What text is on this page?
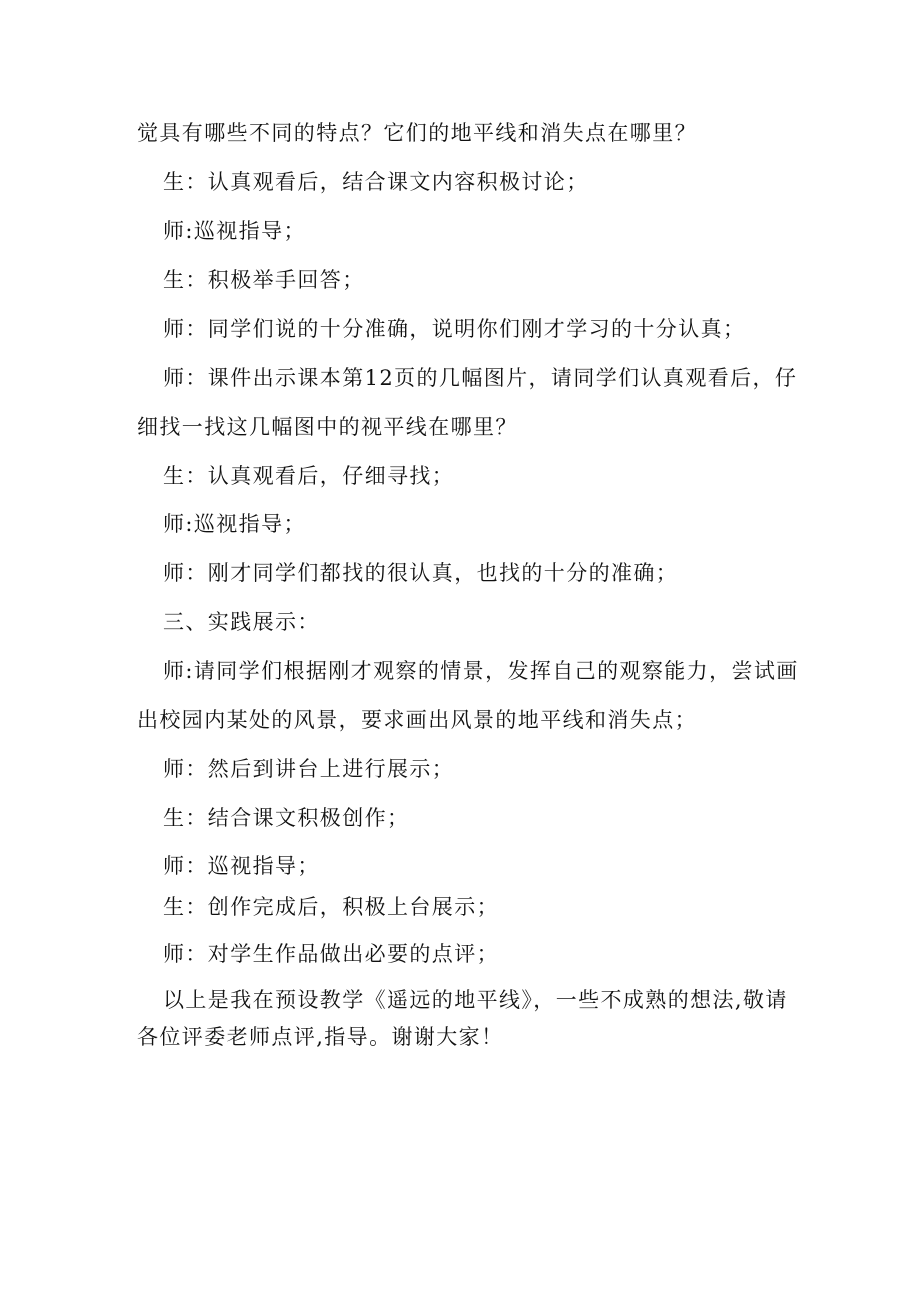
觉具有哪些不同的特点？它们的地平线和消失点在哪里？
生：认真观看后，结合课文内容积极讨论；
师:巡视指导；
生：积极举手回答；
师：同学们说的十分准确，说明你们刚才学习的十分认真；
师：课件出示课本第12页的几幅图片，请同学们认真观看后，仔
细找一找这几幅图中的视平线在哪里？
生：认真观看后，仔细寻找；
师:巡视指导；
师：刚才同学们都找的很认真，也找的十分的准确；
三、实践展示：
师:请同学们根据刚才观察的情景，发挥自己的观察能力，尝试画
出校园内某处的风景，要求画出风景的地平线和消失点；
师：然后到讲台上进行展示；
生：结合课文积极创作；
师：巡视指导；
生：创作完成后，积极上台展示；
师：对学生作品做出必要的点评；
以上是我在预设教学《遥远的地平线》，一些不成熟的想法,敬请
各位评委老师点评,指导。谢谢大家！
